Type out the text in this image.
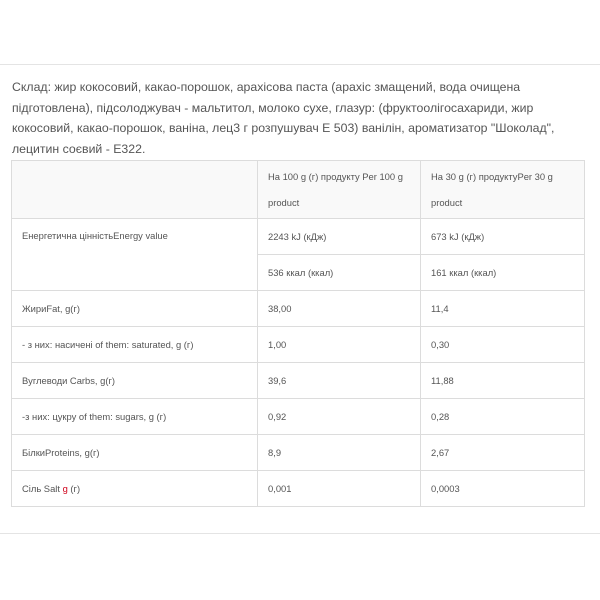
Склад: жир кокосовий, какао-порошок, арахісова паста (арахіс змащений, вода очищена підготовлена), підсолоджувач - мальтитол, молоко сухе, глазур: (фруктоолігосахариди, жир кокосовий, какао-порошок, ваніна, лец3 г розпушувач Е 503) ванілін, ароматизатор "Шоколад", лецитин соєвий - Е322.
	На 100 g (г) продукту Per 100 g product	На 30 g (г) продуктуPer 30 g product
Енергетична цінністьEnergy value	2243 kJ (кДж)	673 kJ (кДж)
	536 ккал (ккал)	161 ккал (ккал)
ЖириFat, g(г)	38,00	11,4
- з них: насичені of them: saturated, g (г)	1,00	0,30
Вуглеводи Carbs, g(г)	39,6	11,88
-з них: цукру of them: sugars, g (г)	0,92	0,28
БілкиProteins, g(г)	8,9	2,67
Сіль Salt g (г)	0,001	0,0003
